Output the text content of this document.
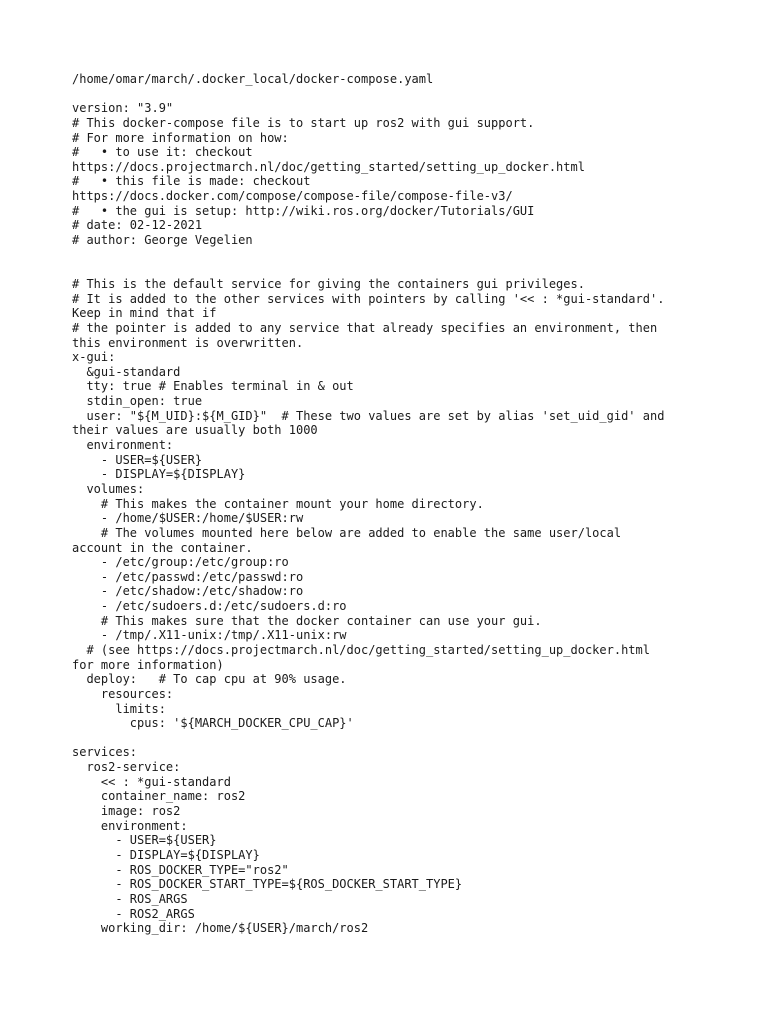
/home/omar/march/.docker_local/docker-compose.yaml

version: "3.9"
# This docker-compose file is to start up ros2 with gui support.
# For more information on how:
#   • to use it: checkout
https://docs.projectmarch.nl/doc/getting_started/setting_up_docker.html
#   • this file is made: checkout
https://docs.docker.com/compose/compose-file/compose-file-v3/
#   • the gui is setup: http://wiki.ros.org/docker/Tutorials/GUI
# date: 02-12-2021
# author: George Vegelien

# This is the default service for giving the containers gui privileges.
# It is added to the other services with pointers by calling '<< : *gui-standard'.
Keep in mind that if
# the pointer is added to any service that already specifies an environment, then
this environment is overwritten.
x-gui:
&gui-standard
tty: true # Enables terminal in & out
stdin_open: true
user: "${M_UID}:${M_GID}"  # These two values are set by alias 'set_uid_gid' and
their values are usually both 1000
environment:
- USER=${USER}
- DISPLAY=${DISPLAY}
volumes:
# This makes the container mount your home directory.
- /home/$USER:/home/$USER:rw
# The volumes mounted here below are added to enable the same user/local
account in the container.
- /etc/group:/etc/group:ro
- /etc/passwd:/etc/passwd:ro
- /etc/shadow:/etc/shadow:ro
- /etc/sudoers.d:/etc/sudoers.d:ro
# This makes sure that the docker container can use your gui.
- /tmp/.X11-unix:/tmp/.X11-unix:rw
# (see https://docs.projectmarch.nl/doc/getting_started/setting_up_docker.html
for more information)
deploy:   # To cap cpu at 90% usage.
resources:
limits:
cpus: '${MARCH_DOCKER_CPU_CAP}'

services:
ros2-service:
<< : *gui-standard
container_name: ros2
image: ros2
environment:
- USER=${USER}
- DISPLAY=${DISPLAY}
- ROS_DOCKER_TYPE="ros2"
- ROS_DOCKER_START_TYPE=${ROS_DOCKER_START_TYPE}
- ROS_ARGS
- ROS2_ARGS
working_dir: /home/${USER}/march/ros2
